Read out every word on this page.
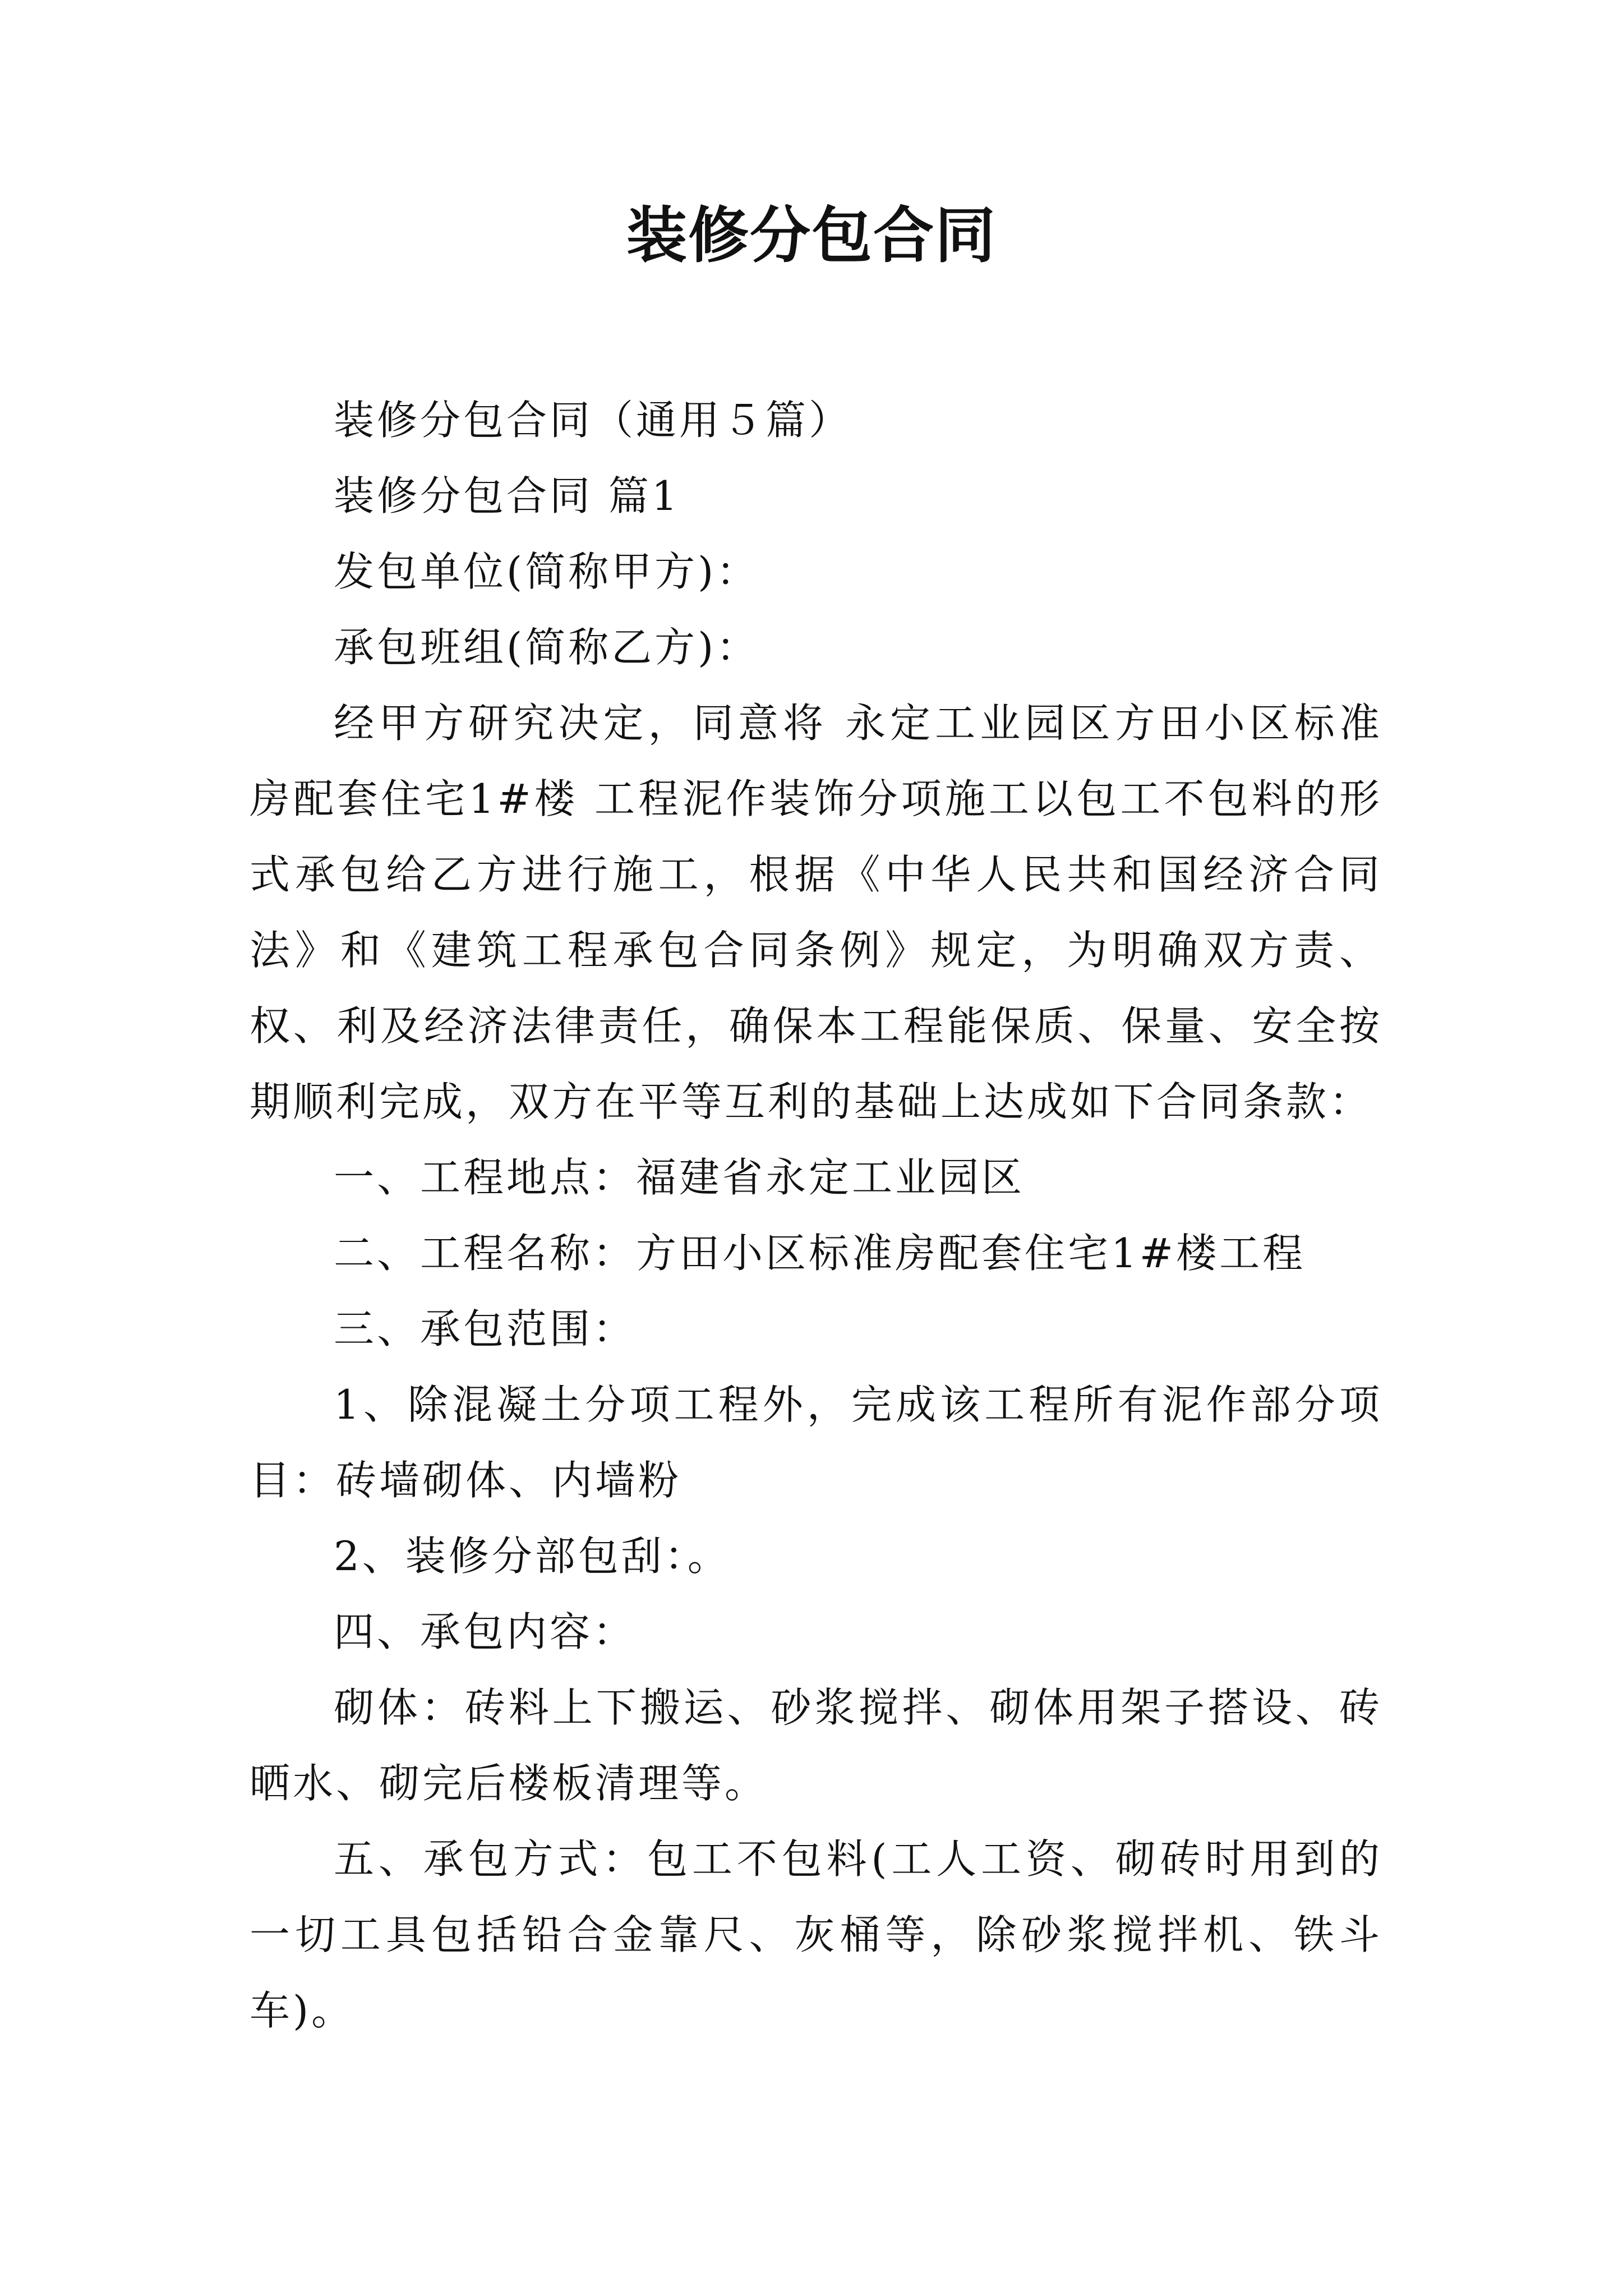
装修分包合同

装修分包合同（通用５篇）

装修分包合同 篇1

发包单位(简称甲方)：

承包班组(简称乙方)：

经甲方研究决定，同意将 永定工业园区方田小区标准房配套住宅1#楼 工程泥作装饰分项施工以包工不包料的形式承包给乙方进行施工，根据《中华人民共和国经济合同法》和《建筑工程承包合同条例》规定，为明确双方责、权、利及经济法律责任，确保本工程能保质、保量、安全按期顺利完成，双方在平等互利的基础上达成如下合同条款：

一、工程地点：福建省永定工业园区

二、工程名称：方田小区标准房配套住宅1#楼工程

三、承包范围：

1、除混凝土分项工程外，完成该工程所有泥作部分项目：砖墙砌体、内墙粉

2、装修分部包刮：。

四、承包内容：

砌体：砖料上下搬运、砂浆搅拌、砌体用架子搭设、砖晒水、砌完后楼板清理等。

五、承包方式：包工不包料(工人工资、砌砖时用到的一切工具包括铅合金靠尺、灰桶等，除砂浆搅拌机、铁斗车)。
